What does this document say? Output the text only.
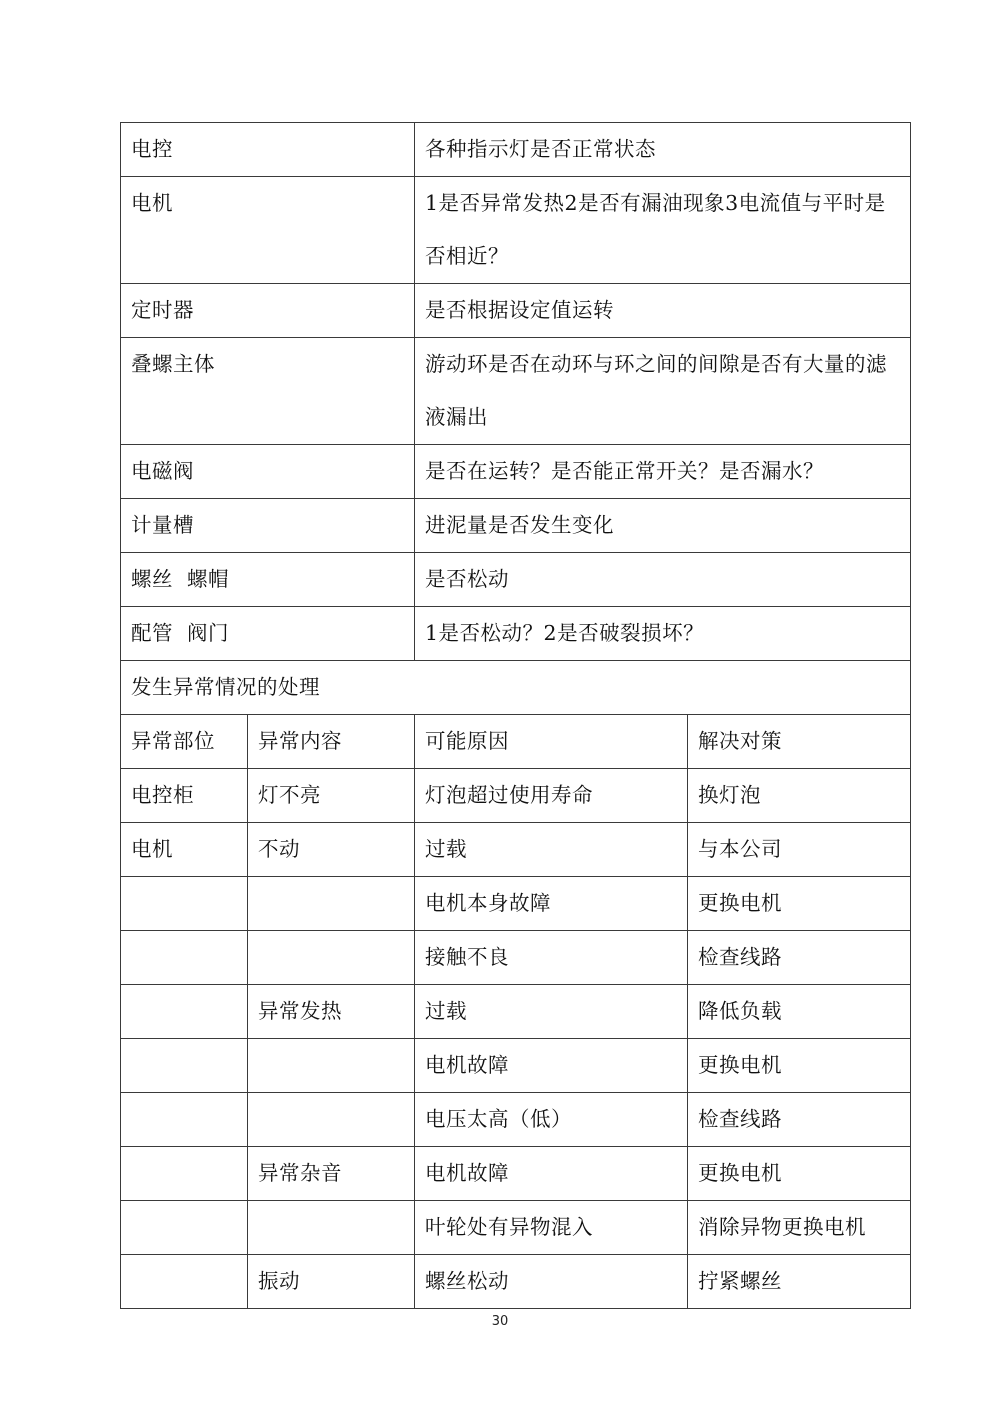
电控		各种指示灯是否正常状态	
电机		1是否异常发热2是否有漏油现象3电流值与平时是否相近？	
定时器		是否根据设定值运转	
叠螺主体		游动环是否在动环与环之间的间隙是否有大量的滤液漏出	
电磁阀		是否在运转？是否能正常开关？是否漏水？	
计量槽		进泥量是否发生变化	
螺丝  螺帽		是否松动	
配管  阀门		1是否松动？2是否破裂损坏？	
发生异常情况的处理			
异常部位	异常内容	可能原因	解决对策
电控柜	灯不亮	灯泡超过使用寿命	换灯泡
电机	不动	过载	与本公司
		电机本身故障	更换电机
		接触不良	检查线路
	异常发热	过载	降低负载
		电机故障	更换电机
		电压太高（低）	检查线路
	异常杂音	电机故障	更换电机
		叶轮处有异物混入	消除异物更换电机
	振动	螺丝松动	拧紧螺丝
30
